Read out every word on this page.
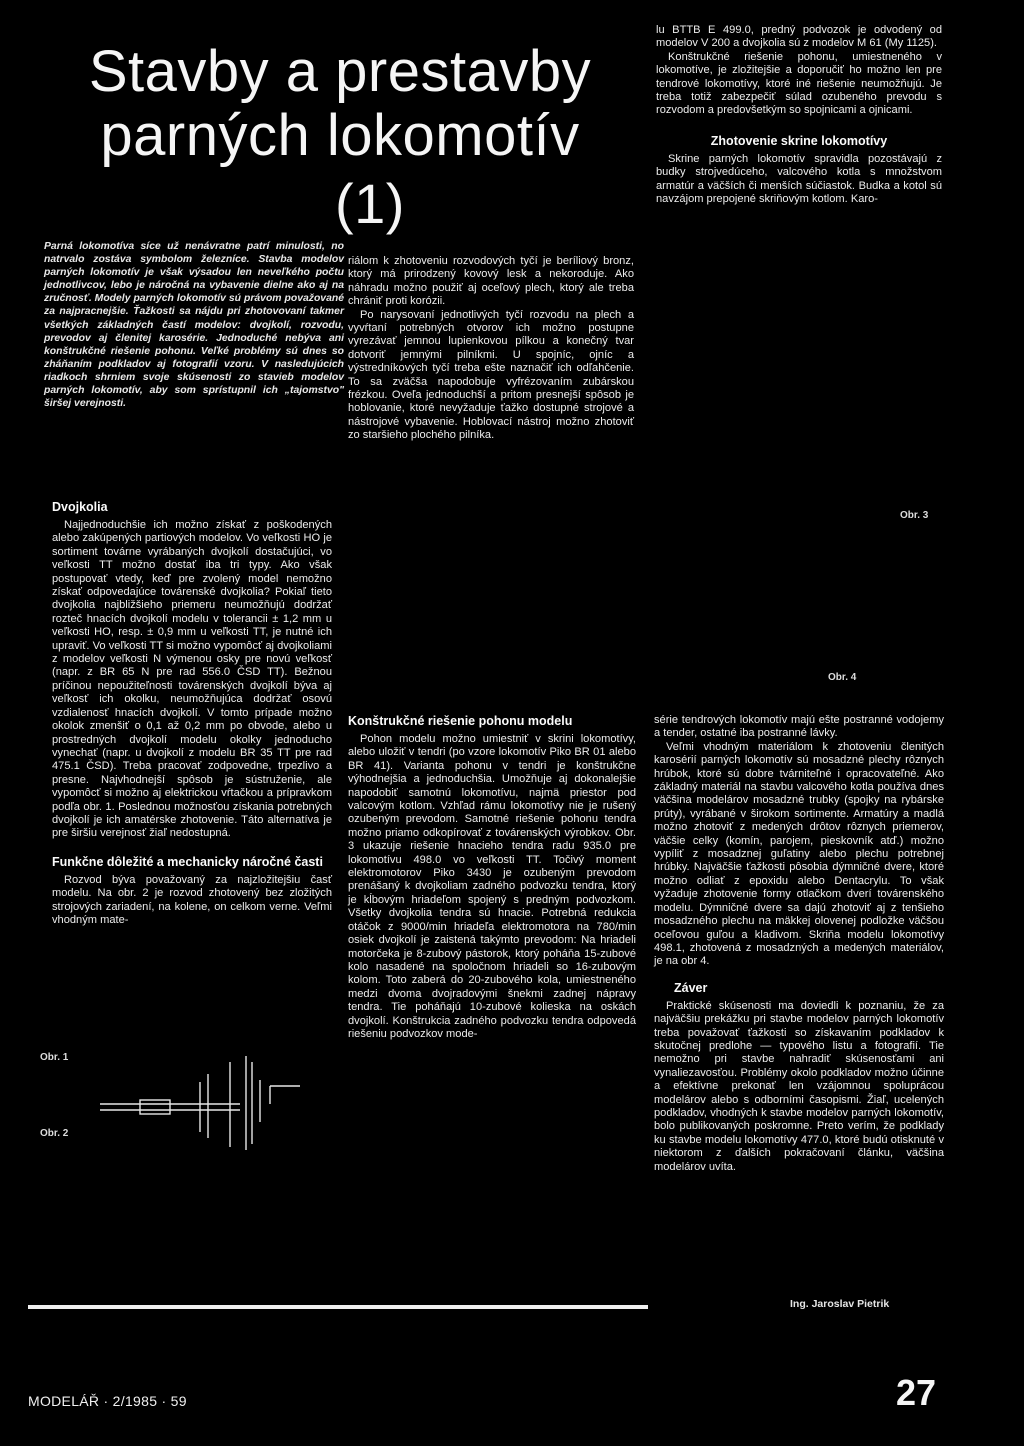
Stavby a prestavby
parných lokomotív
(1)

Parná lokomotíva síce už nenávratne patrí minulosti, no natrvalo zostáva symbolom železníce. Stavba modelov parných lokomotív je však výsadou len neveľkého počtu jednotlivcov, lebo je náročná na vybavenie dielne ako aj na zručnosť. Modely parných lokomotív sú právom považované za najpracnejšie. Ťažkosti sa nájdu pri zhotovovaní takmer všetkých základných častí modelov: dvojkolí, rozvodu, prevodov aj členitej karosérie. Jednoduché nebýva ani konštrukčné riešenie pohonu. Veľké problémy sú dnes so zháňaním podkladov aj fotografií vzoru. V nasledujúcich riadkoch shrniem svoje skúsenosti zo stavieb modelov parných lokomotív, aby som sprístupnil ich „tajomstvo" širšej verejnosti.

riálom k zhotoveniu rozvodových tyčí je beríliový bronz, ktorý má prirodzený kovový lesk a nekoroduje. Ako náhradu možno použiť aj oceľový plech, ktorý ale treba chrániť proti korózii.

Po narysovaní jednotlivých tyčí rozvodu na plech a vyvŕtaní potrebných otvorov ich možno postupne vyrezávať jemnou lupienkovou pílkou a konečný tvar dotvoriť jemnými pilníkmi. U spojníc, ojníc a výstredníkových tyčí treba ešte naznačiť ich odľahčenie. To sa zväčša napodobuje vyfrézovaním zubárskou frézkou. Oveľa jednoduchší a pritom presnejší spôsob je hoblovanie, ktoré nevyžaduje ťažko dostupné strojové a nástrojové vybavenie. Hoblovací nástroj možno zhotoviť zo staršieho plochého pilníka.

lu BTTB E 499.0, predný podvozok je odvodený od modelov V 200 a dvojkolia sú z modelov M 61 (My 1125).

Konštrukčné riešenie pohonu, umiestneného v lokomotíve, je zložitejšie a doporučiť ho možno len pre tendrové lokomotívy, ktoré iné riešenie neumožňujú. Je treba totiž zabezpečiť súlad ozubeného prevodu s rozvodom a predovšetkým so spojnicami a ojnicami.

Zhotovenie skrine lokomotívy

Skrine parných lokomotív spravidla pozostávajú z budky strojvedúceho, valcového kotla s množstvom armatúr a väčších či menších súčiastok. Budka a kotol sú navzájom prepojené skriňovým kotlom. Karo-

Dvojkolia

Najjednoduchšie ich možno získať z poškodených alebo zakúpených partiových modelov. Vo veľkosti HO je sortiment továrne vyrábaných dvojkolí dostačujúci, vo veľkosti TT možno dostať iba tri typy. Ako však postupovať vtedy, keď pre zvolený model nemožno získať odpovedajúce továrenské dvojkolia? Pokiaľ tieto dvojkolia najbližšieho priemeru neumožňujú dodržať rozteč hnacích dvojkolí modelu v tolerancii ± 1,2 mm u veľkosti HO, resp. ± 0,9 mm u veľkosti TT, je nutné ich upraviť. Vo veľkosti TT si možno vypomôcť aj dvojkoliami z modelov veľkosti N výmenou osky pre novú veľkosť (napr. z BR 65 N pre rad 556.0 ČSD TT). Bežnou príčinou nepoužiteľnosti továrenských dvojkolí býva aj veľkosť ich okolku, neumožňujúca dodržať osovú vzdialenosť hnacích dvojkolí. V tomto prípade možno okolok zmenšiť o 0,1 až 0,2 mm po obvode, alebo u prostredných dvojkolí modelu okolky jednoducho vynechať (napr. u dvojkolí z modelu BR 35 TT pre rad 475.1 ČSD). Treba pracovať zodpovedne, trpezlivo a presne. Najvhodnejší spôsob je sústruženie, ale vypomôcť si možno aj elektrickou vŕtačkou a prípravkom podľa obr. 1. Poslednou možnosťou získania potrebných dvojkolí je ich amatérske zhotovenie. Táto alternatíva je pre širšiu verejnosť žiaľ nedostupná.

Funkčne dôležité a mechanicky náročné časti

Rozvod býva považovaný za najzložitejšiu časť modelu. Na obr. 2 je rozvod zhotovený bez zložitých strojových zariadení, na kolene, on celkom verne. Veľmi vhodným mate-

Obr. 1
Obr. 2
Obr. 3
Obr. 4
Konštrukčné riešenie pohonu modelu

Pohon modelu možno umiestniť v skrini lokomotívy, alebo uložiť v tendri (po vzore lokomotív Piko BR 01 alebo BR 41). Varianta pohonu v tendri je konštrukčne výhodnejšia a jednoduchšia. Umožňuje aj dokonalejšie napodobiť samotnú lokomotívu, najmä priestor pod valcovým kotlom. Vzhľad rámu lokomotívy nie je rušený ozubeným prevodom. Samotné riešenie pohonu tendra možno priamo odkopírovať z továrenských výrobkov. Obr. 3 ukazuje riešenie hnacieho tendra radu 935.0 pre lokomotívu 498.0 vo veľkosti TT. Točivý moment elektromotorov Piko 3430 je ozubeným prevodom prenášaný k dvojkoliam zadného podvozku tendra, ktorý je kĺbovým hriadeľom spojený s predným podvozkom. Všetky dvojkolia tendra sú hnacie. Potrebná redukcia otáčok z 9000/min hriadeľa elektromotora na 780/min osiek dvojkolí je zaistená takýmto prevodom: Na hriadeli motorčeka je 8-zubový pástorok, ktorý poháňa 15-zubové kolo nasadené na spoločnom hriadeli so 16-zubovým kolom. Toto zaberá do 20-zubového kola, umiestneného medzi dvoma dvojradovými šnekmi zadnej nápravy tendra. Tie poháňajú 10-zubové kolieska na oskách dvojkolí. Konštrukcia zadného podvozku tendra odpovedá riešeniu podvozkov mode-

série tendrových lokomotív majú ešte postranné vodojemy a tender, ostatné iba postranné lávky.

Veľmi vhodným materiálom k zhotoveniu členitých karosérií parných lokomotív sú mosadzné plechy rôznych hrúbok, ktoré sú dobre tvárniteľné i opracovateľné. Ako základný materiál na stavbu valcového kotla používa dnes väčšina modelárov mosadzné trubky (spojky na rybárske prúty), vyrábané v širokom sortimente. Armatúry a madlá možno zhotoviť z medených drôtov rôznych priemerov, väčšie celky (komín, parojem, pieskovník atď.) možno vypíliť z mosadznej guľatiny alebo plechu potrebnej hrúbky. Najväčšie ťažkosti pôsobia dýmničné dvere, ktoré možno odliať z epoxidu alebo Dentacrylu. To však vyžaduje zhotovenie formy otlačkom dverí továrenského modelu. Dýmničné dvere sa dajú zhotoviť aj z tenšieho mosadzného plechu na mäkkej olovenej podložke väčšou oceľovou guľou a kladivom. Skriňa modelu lokomotívy 498.1, zhotovená z mosadzných a medených materiálov, je na obr 4.

Záver

Praktické skúsenosti ma doviedli k poznaniu, že za najväčšiu prekážku pri stavbe modelov parných lokomotív treba považovať ťažkosti so získavaním podkladov k skutočnej predlohe — typového listu a fotografií. Tie nemožno pri stavbe nahradiť skúsenosťami ani vynaliezavosťou. Problémy okolo podkladov možno účinne a efektívne prekonať len vzájomnou spoluprácou modelárov alebo s odborními časopismi. Žiaľ, ucelených podkladov, vhodných k stavbe modelov parných lokomotív, bolo publikovaných poskromne. Preto verím, že podklady ku stavbe modelu lokomotívy 477.0, ktoré budú otisknuté v niektorom z ďalších pokračovaní článku, väčšina modelárov uvíta.

Ing. Jaroslav Pietrik
MODELÁŘ · 2/1985 · 59	27
